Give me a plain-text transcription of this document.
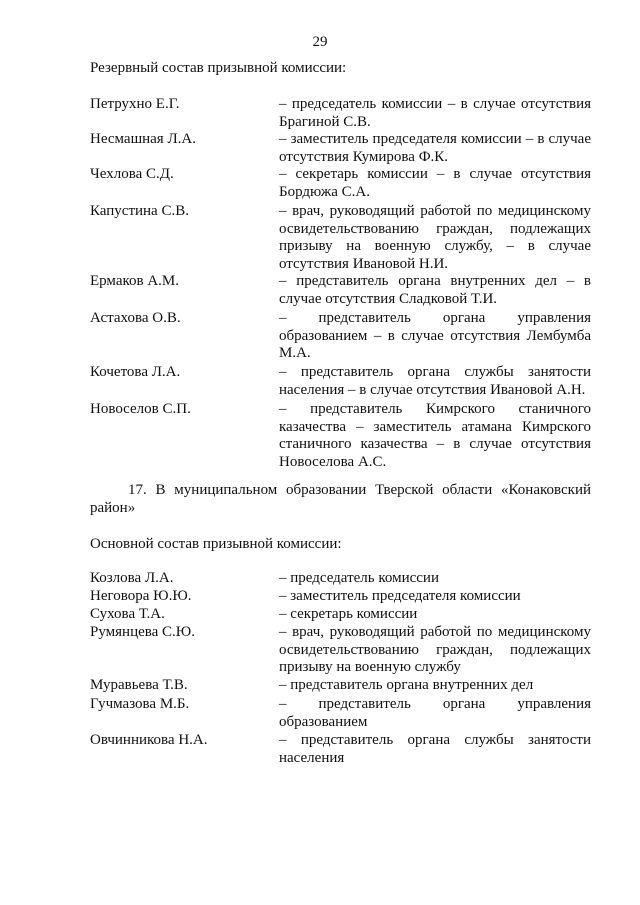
29
Резервный состав призывной комиссии:
Петрухно Е.Г.	– председатель комиссии – в случае отсутствия Брагиной С.В.
Несмашная Л.А.	– заместитель председателя комиссии – в случае отсутствия Кумирова Ф.К.
Чехлова С.Д.	– секретарь комиссии – в случае отсутствия Бордюжа С.А.
Капустина С.В.	– врач, руководящий работой по медицинскому освидетельствованию граждан, подлежащих призыву на военную службу, – в случае отсутствия Ивановой Н.И.
Ермаков А.М.	– представитель органа внутренних дел – в случае отсутствия Сладковой Т.И.
Астахова О.В.	– представитель органа управления образованием – в случае отсутствия Лембумба М.А.
Кочетова Л.А.	– представитель органа службы занятости населения – в случае отсутствия Ивановой А.Н.
Новоселов С.П.	– представитель Кимрского станичного казачества – заместитель атамана Кимрского станичного казачества – в случае отсутствия Новоселова А.С.
17. В муниципальном образовании Тверской области «Конаковский район»
Основной состав призывной комиссии:
Козлова Л.А.	– председатель комиссии
Неговора Ю.Ю.	– заместитель председателя комиссии
Сухова Т.А.	– секретарь комиссии
Румянцева С.Ю.	– врач, руководящий работой по медицинскому освидетельствованию граждан, подлежащих призыву на военную службу
Муравьева Т.В.	– представитель органа внутренних дел
Гучмазова М.Б.	– представитель органа управления образованием
Овчинникова Н.А.	– представитель органа службы занятости населения
